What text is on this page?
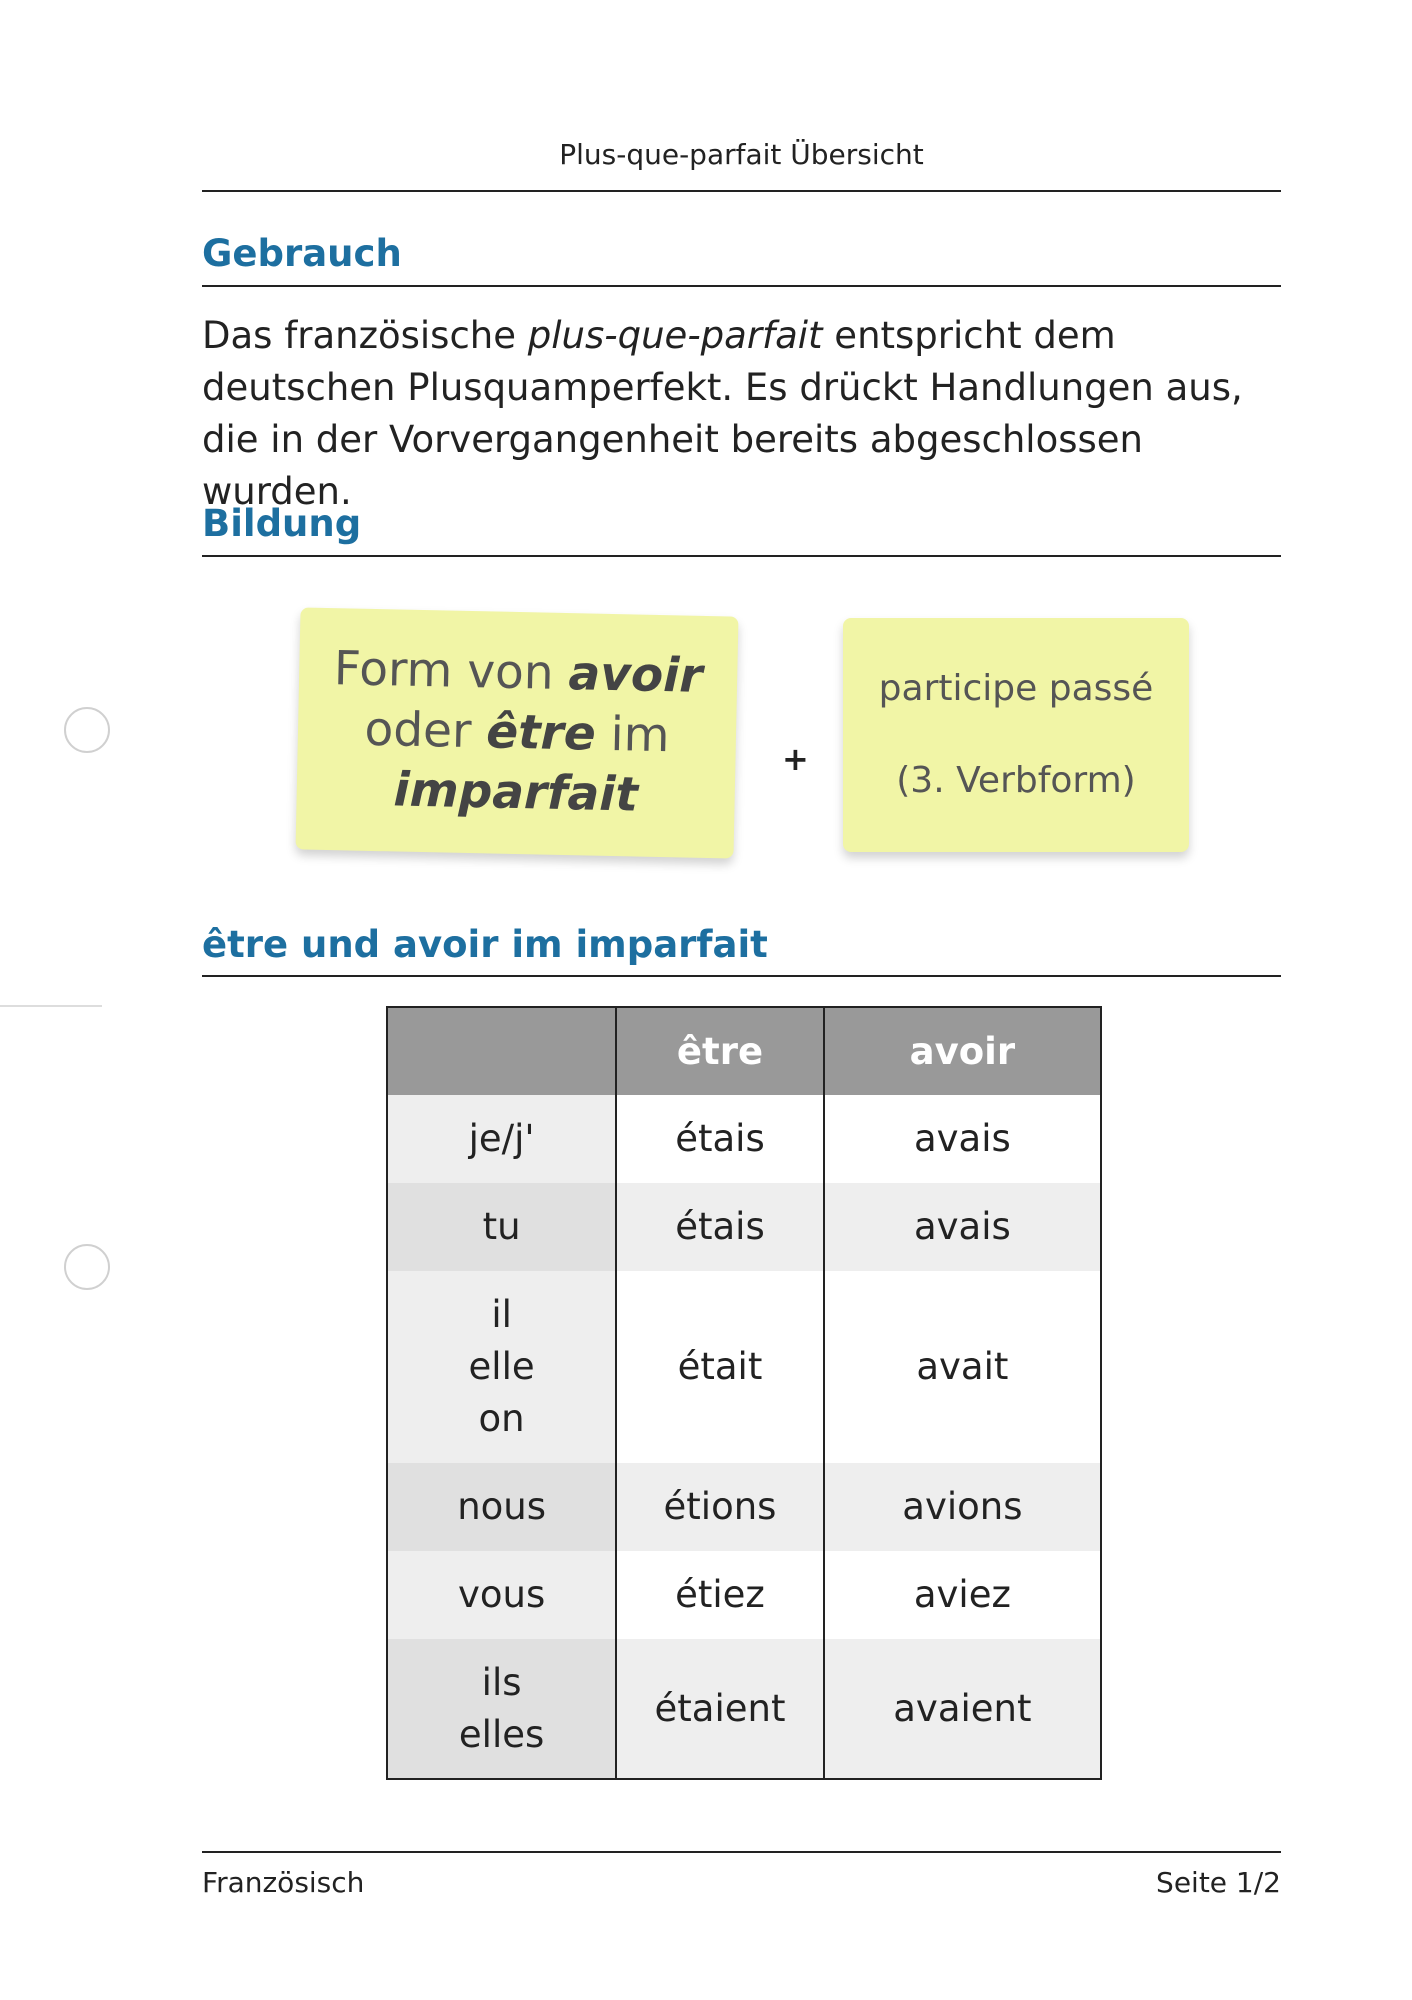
Plus-que-parfait Übersicht
Gebrauch

Das französische plus-que-parfait entspricht dem deutschen Plusquamperfekt. Es drückt Handlungen aus, die in der Vorvergangenheit bereits abgeschlossen wurden.

Bildung
Form von avoir
oder être im
imparfait
+
participe passé
(3. Verbform)
être und avoir im imparfait
	être	avoir

je/j'	étais	avais

tu	étais	avais

il
elle
on	était	avait

nous	étions	avions

vous	étiez	aviez

ils
elles	étaient	avaient
Französisch	Seite 1/2
